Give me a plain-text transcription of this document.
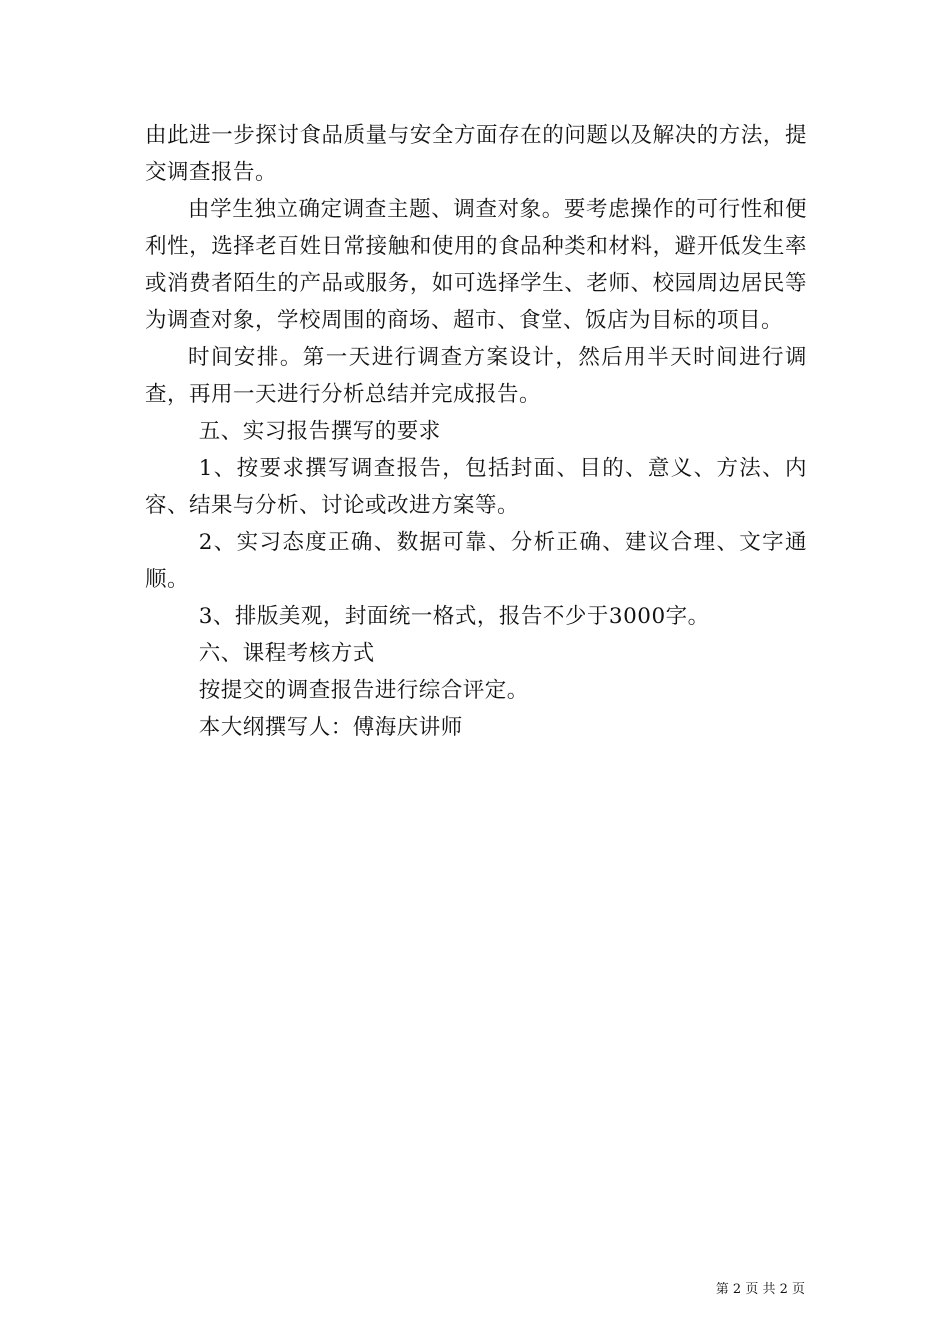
由此进一步探讨食品质量与安全方面存在的问题以及解决的方法，提交调查报告。

由学生独立确定调查主题、调查对象。要考虑操作的可行性和便利性，选择老百姓日常接触和使用的食品种类和材料，避开低发生率或消费者陌生的产品或服务，如可选择学生、老师、校园周边居民等为调查对象，学校周围的商场、超市、食堂、饭店为目标的项目。

时间安排。第一天进行调查方案设计，然后用半天时间进行调查，再用一天进行分析总结并完成报告。

五、实习报告撰写的要求

1、按要求撰写调查报告，包括封面、目的、意义、方法、内容、结果与分析、讨论或改进方案等。

2、实习态度正确、数据可靠、分析正确、建议合理、文字通顺。

3、排版美观，封面统一格式，报告不少于3000字。

六、课程考核方式

按提交的调查报告进行综合评定。

本大纲撰写人：傅海庆讲师

第 2 页 共 2 页
